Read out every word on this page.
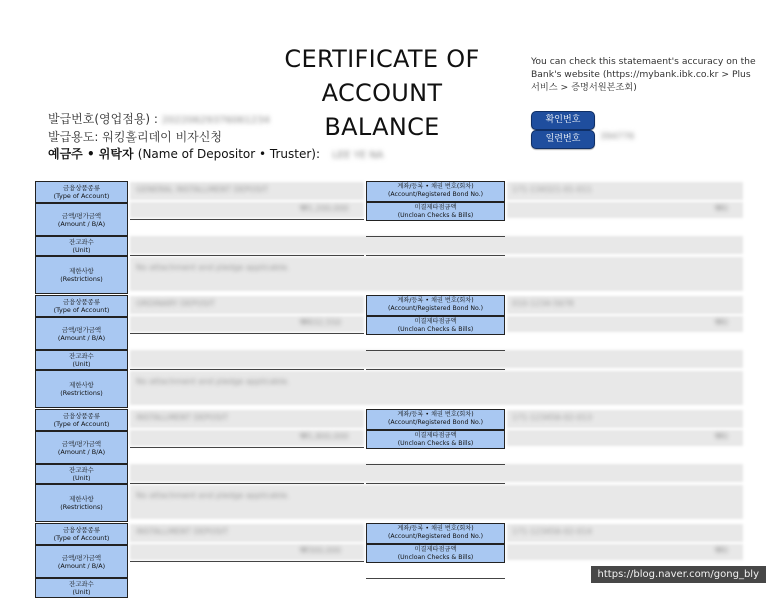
CERTIFICATE OF
ACCOUNT BALANCE
You can check this statemaent's accuracy on the Bank's website (https://mybank.ibk.co.kr > Plus서비스 > 증명서원본조회)
확인번호
일련번호	394776
발급번호(영업점용) : 20220629376061234
발급용도: 워킹홀리데이 비자신청
예금주 • 위탁자 (Name of Depositor • Truster): LEE YE NA
금융상품종류
(Type of Account)
금액/평가금액
(Amount / B/A)
잔고좌수
(Unit)
제한사항
(Restrictions)
계좌/등록 • 채권 번호(회차)
(Account/Registered Bond No.)
미결제타점금액
(Uncloan Checks & Bills)
GENERAL INSTALLMENT DEPOSIT
₩1,200,000
171-134321-01-011
₩0
No attachment and pledge applicable.
금융상품종류
(Type of Account)
금액/평가금액
(Amount / B/A)
잔고좌수
(Unit)
제한사항
(Restrictions)
계좌/등록 • 채권 번호(회차)
(Account/Registered Bond No.)
미결제타점금액
(Uncloan Checks & Bills)
ORDINARY DEPOSIT
₩832,550
010-1234-5678
₩0
No attachment and pledge applicable.
금융상품종류
(Type of Account)
금액/평가금액
(Amount / B/A)
잔고좌수
(Unit)
제한사항
(Restrictions)
계좌/등록 • 채권 번호(회차)
(Account/Registered Bond No.)
미결제타점금액
(Uncloan Checks & Bills)
INSTALLMENT DEPOSIT
₩1,800,000
171-123456-02-013
₩0
No attachment and pledge applicable.
금융상품종류
(Type of Account)
금액/평가금액
(Amount / B/A)
잔고좌수
(Unit)
계좌/등록 • 채권 번호(회차)
(Account/Registered Bond No.)
미결제타점금액
(Uncloan Checks & Bills)
INSTALLMENT DEPOSIT
₩300,000
171-123456-02-014
₩0
https://blog.naver.com/gong_bly
